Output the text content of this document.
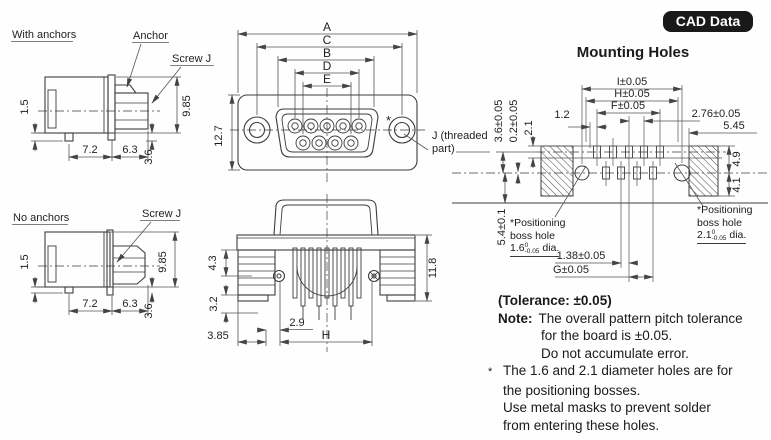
With anchors	Anchor
Screw J
1.5	9.85
7.2 6.3 3.6
No anchors	Screw J
1.5	9.85
7.2 6.3 3.6
A
C
B
D
E
12.7
*
J (threaded
part)
4.3
3.2
3.85
2.9
H
11.8
I±0.05
H±0.05
F±0.05
1.2	2.76±0.05
5.45
3.6±0.05 0.2±0.05 2.1
5.4±0.1
4.9
4.1
1.38±0.05
G±0.05
CAD Data
Mounting Holes
*Positioning
boss hole
1.6 0
-0.05 dia.
*Positioning
boss hole
2.1 0
-0.05 dia.
(Tolerance: ±0.05)
Note: The overall pattern pitch tolerance
for the board is ±0.05.
Do not accumulate error.
* The 1.6 and 2.1 diameter holes are for
the positioning bosses.
Use metal masks to prevent solder
from entering these holes.
